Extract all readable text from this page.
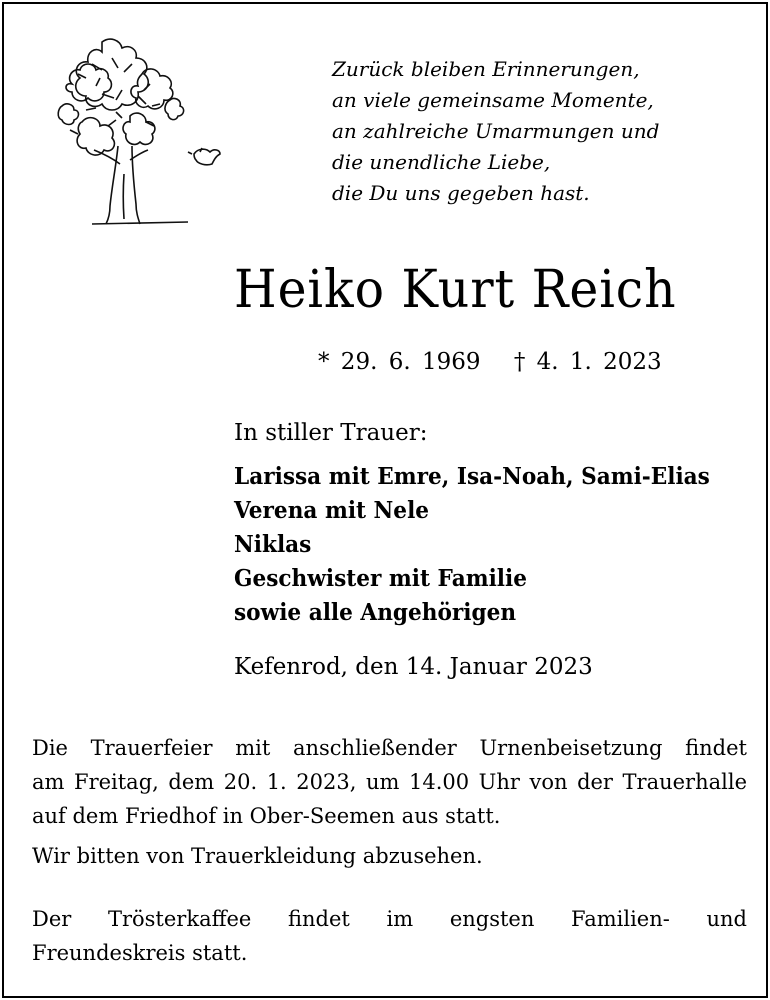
Zurück bleiben Erinnerungen,
an viele gemeinsame Momente,
an zahlreiche Umarmungen und
die unendliche Liebe,
die Du uns gegeben hast.
Heiko Kurt Reich
* 29. 6. 1969 † 4. 1. 2023
In stiller Trauer:
Larissa mit Emre, Isa-Noah, Sami-Elias
Verena mit Nele
Niklas
Geschwister mit Familie
sowie alle Angehörigen
Kefenrod, den 14. Januar 2023
Die Trauerfeier mit anschließender Urnenbeisetzung findet
am Freitag, dem 20. 1. 2023, um 14.00 Uhr von der Trauerhalle
auf dem Friedhof in Ober-Seemen aus statt.
Wir bitten von Trauerkleidung abzusehen.
Der Trösterkaffee findet im engsten Familien- und
Freundeskreis statt.
